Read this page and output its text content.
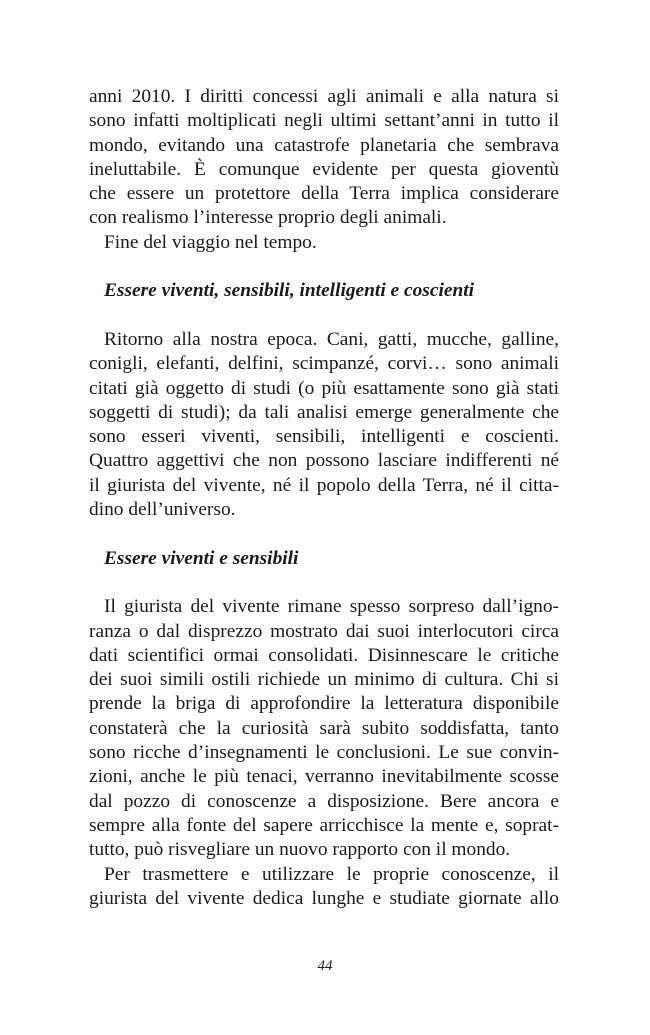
anni 2010. I diritti concessi agli animali e alla natura si
sono infatti moltiplicati negli ultimi settant’anni in tutto il
mondo, evitando una catastrofe planetaria che sembrava
ineluttabile. È comunque evidente per questa gioventù
che essere un protettore della Terra implica considerare
con realismo l’interesse proprio degli animali.
Fine del viaggio nel tempo.
Essere viventi, sensibili, intelligenti e coscienti
Ritorno alla nostra epoca. Cani, gatti, mucche, galline,
conigli, elefanti, delfini, scimpanzé, corvi… sono animali
citati già oggetto di studi (o più esattamente sono già stati
soggetti di studi); da tali analisi emerge generalmente che
sono esseri viventi, sensibili, intelligenti e coscienti.
Quattro aggettivi che non possono lasciare indifferenti né
il giurista del vivente, né il popolo della Terra, né il citta-
dino dell’universo.
Essere viventi e sensibili
Il giurista del vivente rimane spesso sorpreso dall’igno-
ranza o dal disprezzo mostrato dai suoi interlocutori circa
dati scientifici ormai consolidati. Disinnescare le critiche
dei suoi simili ostili richiede un minimo di cultura. Chi si
prende la briga di approfondire la letteratura disponibile
constaterà che la curiosità sarà subito soddisfatta, tanto
sono ricche d’insegnamenti le conclusioni. Le sue convin-
zioni, anche le più tenaci, verranno inevitabilmente scosse
dal pozzo di conoscenze a disposizione. Bere ancora e
sempre alla fonte del sapere arricchisce la mente e, soprat-
tutto, può risvegliare un nuovo rapporto con il mondo.
Per trasmettere e utilizzare le proprie conoscenze, il
giurista del vivente dedica lunghe e studiate giornate allo
44
